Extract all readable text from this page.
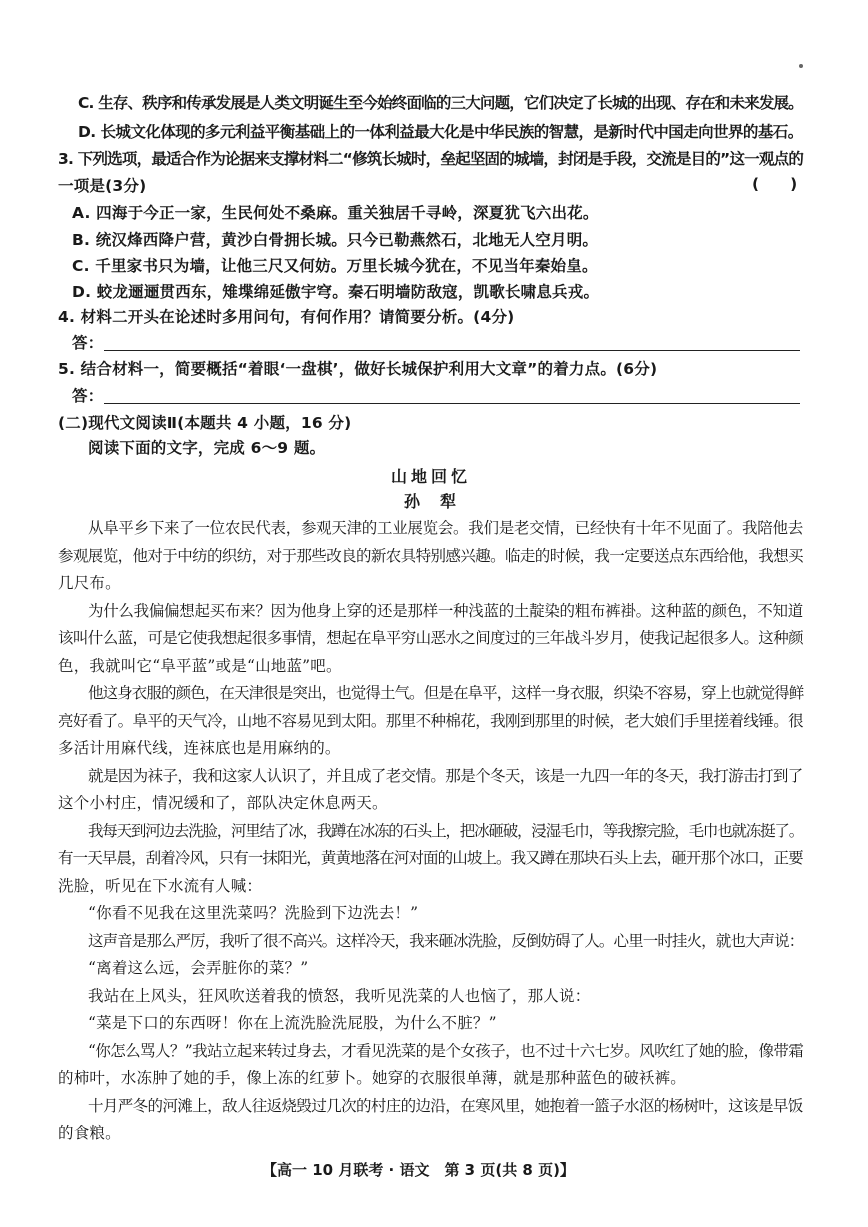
C. 生存、秩序和传承发展是人类文明诞生至今始终面临的三大问题，它们决定了长城的出现、存在和未来发展。
D. 长城文化体现的多元利益平衡基础上的一体利益最大化是中华民族的智慧，是新时代中国走向世界的基石。
3. 下列选项，最适合作为论据来支撑材料二“修筑长城时，垒起坚固的城墙，封闭是手段，交流是目的”这一观点的
一项是(3分)	(　　)
A. 四海于今正一家，生民何处不桑麻。重关独居千寻岭，深夏犹飞六出花。
B. 统汉烽西降户营，黄沙白骨拥长城。只今已勒燕然石，北地无人空月明。
C. 千里家书只为墙，让他三尺又何妨。万里长城今犹在，不见当年秦始皇。
D. 蛟龙逦逦贯西东，雉堞绵延傲宇穹。秦石明墙防敌寇，凯歌长啸息兵戎。
4. 材料二开头在论述时多用问句，有何作用？请简要分析。(4分)
答：
5. 结合材料一，简要概括“着眼‘一盘棋’，做好长城保护利用大文章”的着力点。(6分)
答：
(二)现代文阅读Ⅱ(本题共 4 小题，16 分)
阅读下面的文字，完成 6～9 题。
山地回忆
孙　犁
从阜平乡下来了一位农民代表，参观天津的工业展览会。我们是老交情，已经快有十年不见面了。我陪他去
参观展览，他对于中纺的织纺，对于那些改良的新农具特别感兴趣。临走的时候，我一定要送点东西给他，我想买
几尺布。
为什么我偏偏想起买布来？因为他身上穿的还是那样一种浅蓝的土靛染的粗布裤褂。这种蓝的颜色，不知道
该叫什么蓝，可是它使我想起很多事情，想起在阜平穷山恶水之间度过的三年战斗岁月，使我记起很多人。这种颜
色，我就叫它“阜平蓝”或是“山地蓝”吧。
他这身衣服的颜色，在天津很是突出，也觉得土气。但是在阜平，这样一身衣服，织染不容易，穿上也就觉得鲜
亮好看了。阜平的天气冷，山地不容易见到太阳。那里不种棉花，我刚到那里的时候，老大娘们手里搓着线锤。很
多活计用麻代线，连袜底也是用麻纳的。
就是因为袜子，我和这家人认识了，并且成了老交情。那是个冬天，该是一九四一年的冬天，我打游击打到了
这个小村庄，情况缓和了，部队决定休息两天。
我每天到河边去洗脸，河里结了冰，我蹲在冰冻的石头上，把冰砸破，浸湿毛巾，等我擦完脸，毛巾也就冻挺了。
有一天早晨，刮着冷风，只有一抹阳光，黄黄地落在河对面的山坡上。我又蹲在那块石头上去，砸开那个冰口，正要
洗脸，听见在下水流有人喊：
“你看不见我在这里洗菜吗？洗脸到下边洗去！”
这声音是那么严厉，我听了很不高兴。这样冷天，我来砸冰洗脸，反倒妨碍了人。心里一时挂火，就也大声说：
“离着这么远，会弄脏你的菜？”
我站在上风头，狂风吹送着我的愤怒，我听见洗菜的人也恼了，那人说：
“菜是下口的东西呀！你在上流洗脸洗屁股，为什么不脏？”
“你怎么骂人？”我站立起来转过身去，才看见洗菜的是个女孩子，也不过十六七岁。风吹红了她的脸，像带霜
的柿叶，水冻肿了她的手，像上冻的红萝卜。她穿的衣服很单薄，就是那种蓝色的破袄裤。
十月严冬的河滩上，敌人往返烧毁过几次的村庄的边沿，在寒风里，她抱着一篮子水沤的杨树叶，这该是早饭
的食粮。
【高一 10 月联考 · 语文　第 3 页(共 8 页)】
